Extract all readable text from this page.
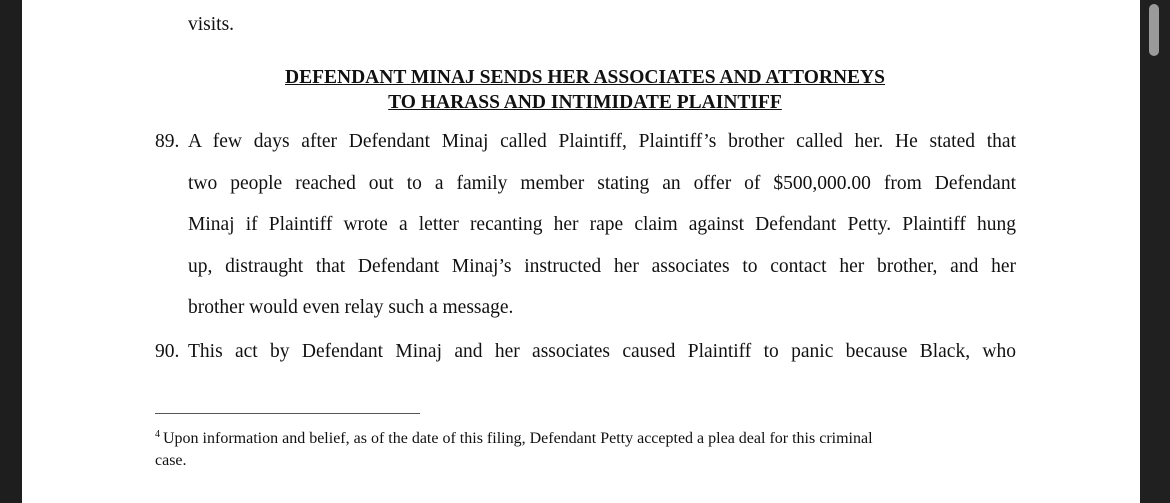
visits.
DEFENDANT MINAJ SENDS HER ASSOCIATES AND ATTORNEYS
TO HARASS AND INTIMIDATE PLAINTIFF
89. A few days after Defendant Minaj called Plaintiff, Plaintiff’s brother called her. He stated that
two people reached out to a family member stating an offer of $500,000.00 from Defendant
Minaj if Plaintiff wrote a letter recanting her rape claim against Defendant Petty. Plaintiff hung
up, distraught that Defendant Minaj’s instructed her associates to contact her brother, and her
brother would even relay such a message.
90. This act by Defendant Minaj and her associates caused Plaintiff to panic because Black, who
$^4$ Upon information and belief, as of the date of this filing, Defendant Petty accepted a plea deal for this criminal
case.
